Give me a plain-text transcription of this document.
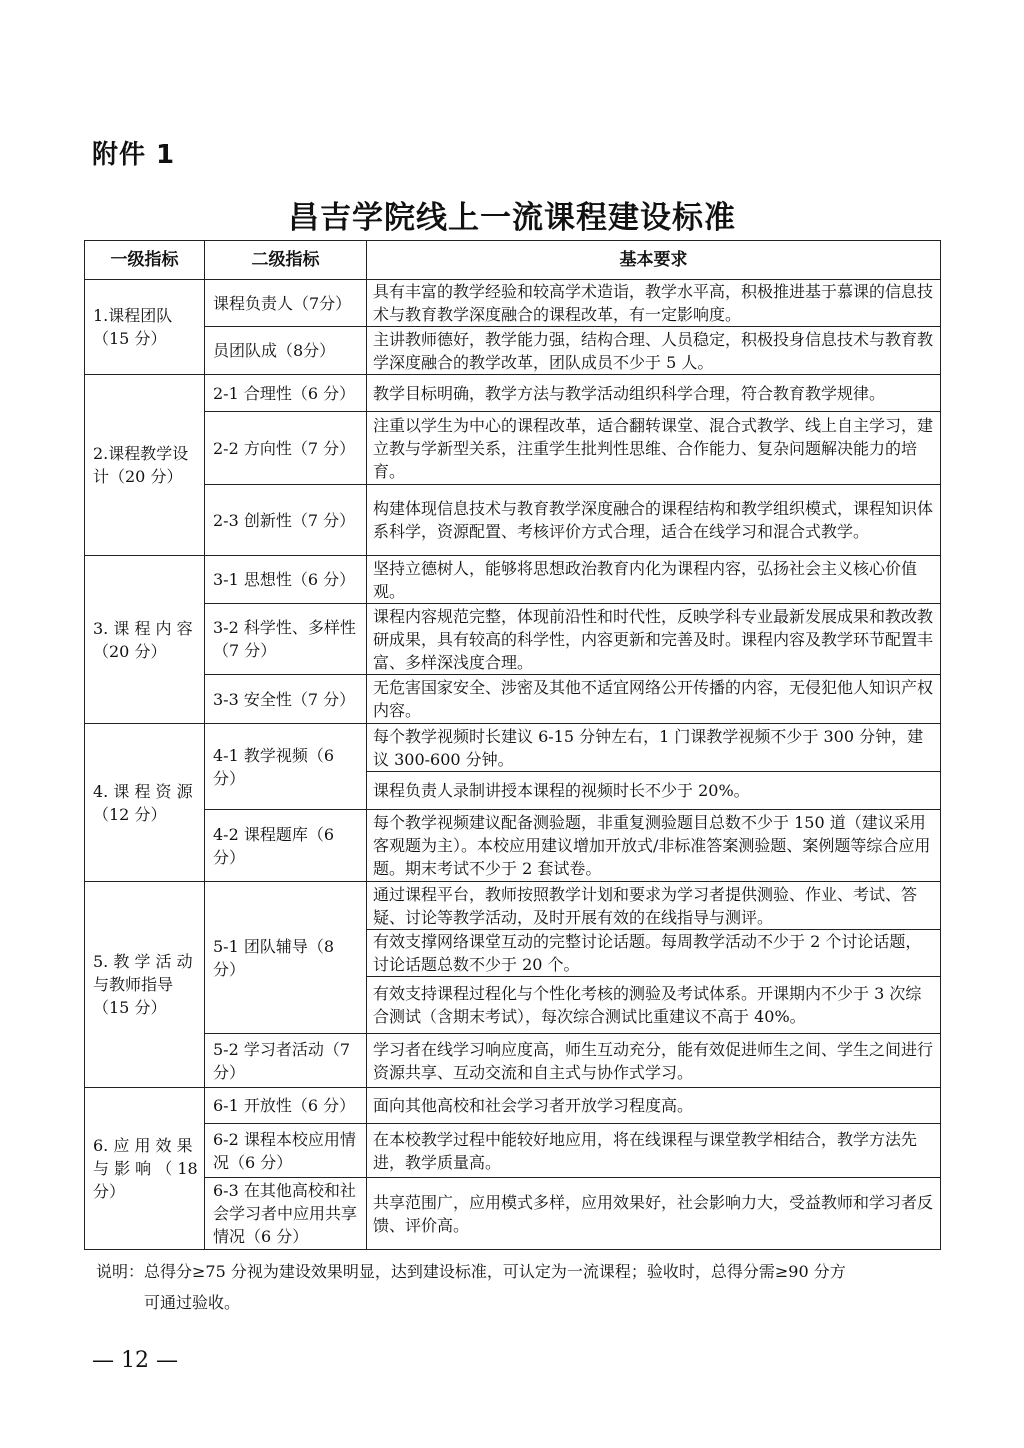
附件 1
昌吉学院线上一流课程建设标准
一级指标	二级指标	基本要求
1.课程团队（15 分）	课程负责人（7分）	具有丰富的教学经验和较高学术造诣，教学水平高，积极推进基于慕课的信息技术与教育教学深度融合的课程改革，有一定影响度。
	员团队成（8分）	主讲教师德好，教学能力强，结构合理、人员稳定，积极投身信息技术与教育教学深度融合的教学改革，团队成员不少于 5 人。
2.课程教学设计（20 分）	2-1 合理性（6 分）	教学目标明确，教学方法与教学活动组织科学合理，符合教育教学规律。
	2-2 方向性（7 分）	注重以学生为中心的课程改革，适合翻转课堂、混合式教学、线上自主学习，建立教与学新型关系，注重学生批判性思维、合作能力、复杂问题解决能力的培育。
	2-3 创新性（7 分）	构建体现信息技术与教育教学深度融合的课程结构和教学组织模式，课程知识体系科学，资源配置、考核评价方式合理，适合在线学习和混合式教学。
3. 课 程 内 容（20 分）	3-1 思想性（6 分）	坚持立德树人，能够将思想政治教育内化为课程内容，弘扬社会主义核心价值观。
	3-2 科学性、多样性（7 分）	课程内容规范完整，体现前沿性和时代性，反映学科专业最新发展成果和教改教研成果，具有较高的科学性，内容更新和完善及时。课程内容及教学环节配置丰富、多样深浅度合理。
	3-3 安全性（7 分）	无危害国家安全、涉密及其他不适宜网络公开传播的内容，无侵犯他人知识产权内容。
4. 课 程 资 源（12 分）	4-1 教学视频（6 分）	每个教学视频时长建议 6-15 分钟左右，1 门课教学视频不少于 300 分钟，建议 300-600 分钟。
		课程负责人录制讲授本课程的视频时长不少于 20%。
	4-2 课程题库（6 分）	每个教学视频建议配备测验题，非重复测验题目总数不少于 150 道（建议采用客观题为主）。本校应用建议增加开放式/非标准答案测验题、案例题等综合应用题。期末考试不少于 2 套试卷。
5. 教 学 活 动与教师指导（15 分）	5-1 团队辅导（8 分）	通过课程平台，教师按照教学计划和要求为学习者提供测验、作业、考试、答疑、讨论等教学活动，及时开展有效的在线指导与测评。
		有效支撑网络课堂互动的完整讨论话题。每周教学活动不少于 2 个讨论话题，讨论话题总数不少于 20 个。
		有效支持课程过程化与个性化考核的测验及考试体系。开课期内不少于 3 次综合测试（含期末考试），每次综合测试比重建议不高于 40%。
	5-2 学习者活动（7 分）	学习者在线学习响应度高，师生互动充分，能有效促进师生之间、学生之间进行资源共享、互动交流和自主式与协作式学习。
6. 应 用 效 果与 影 响 （ 18分）	6-1 开放性（6 分）	面向其他高校和社会学习者开放学习程度高。
	6-2 课程本校应用情况（6 分）	在本校教学过程中能较好地应用，将在线课程与课堂教学相结合，教学方法先进，教学质量高。
	6-3 在其他高校和社会学习者中应用共享情况（6 分）	共享范围广，应用模式多样，应用效果好，社会影响力大，受益教师和学习者反馈、评价高。
说明：总得分≥75 分视为建设效果明显，达到建设标准，可认定为一流课程；验收时，总得分需≥90 分方
可通过验收。
— 12 —
